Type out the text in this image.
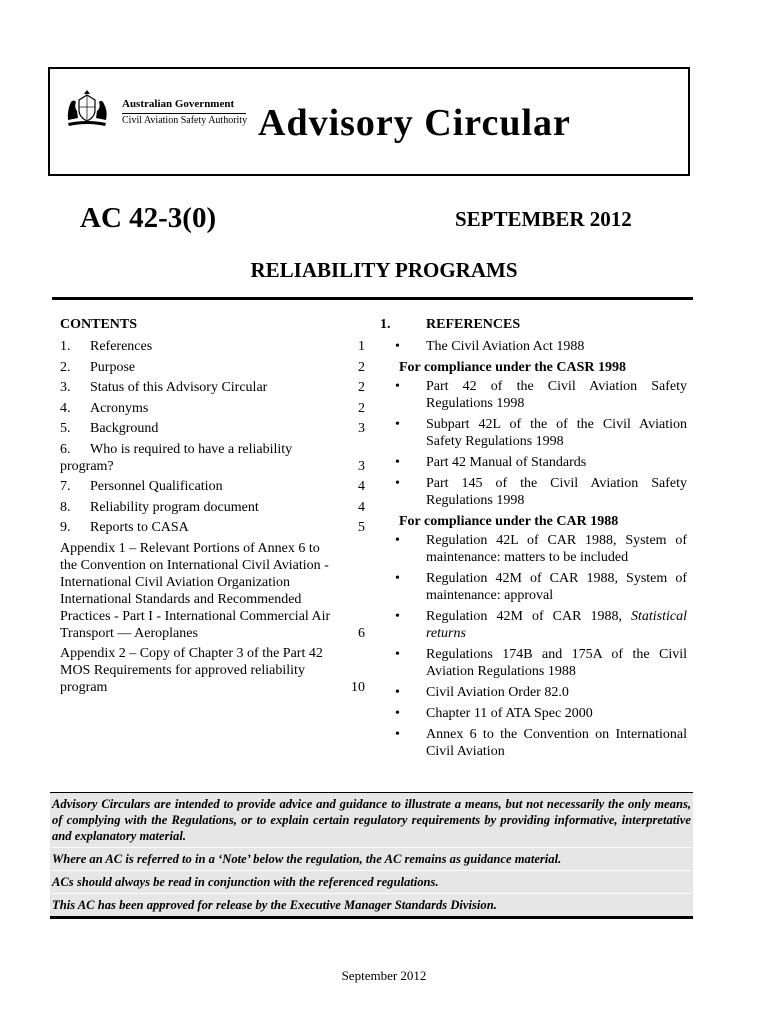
Australian Government
Civil Aviation Safety Authority Advisory Circular
AC 42-3(0)	SEPTEMBER 2012
RELIABILITY PROGRAMS
CONTENTS
1. References	1
2. Purpose	2
3. Status of this Advisory Circular	2
4. Acronyms	2
5. Background	3
6. Who is required to have a reliability program?	3
7. Personnel Qualification	4
8. Reliability program document	4
9. Reports to CASA	5
Appendix 1 – Relevant Portions of Annex 6 to the Convention on International Civil Aviation -International Civil Aviation Organization International Standards and Recommended Practices - Part I - International Commercial Air Transport — Aeroplanes	6
Appendix 2 – Copy of Chapter 3 of the Part 42 MOS Requirements for approved reliability program	10
1.	REFERENCES
• The Civil Aviation Act 1988
For compliance under the CASR 1998
• Part 42 of the Civil Aviation Safety Regulations 1998
• Subpart 42L of the of the Civil Aviation Safety Regulations 1998
• Part 42 Manual of Standards
• Part 145 of the Civil Aviation Safety Regulations 1998
For compliance under the CAR 1988
• Regulation 42L of CAR 1988, System of maintenance: matters to be included
• Regulation 42M of CAR 1988, System of maintenance: approval
• Regulation 42M of CAR 1988, Statistical returns
• Regulations 174B and 175A of the Civil Aviation Regulations 1988
• Civil Aviation Order 82.0
• Chapter 11 of ATA Spec 2000
• Annex 6 to the Convention on International Civil Aviation

Advisory Circulars are intended to provide advice and guidance to illustrate a means, but not necessarily the only means, of complying with the Regulations, or to explain certain regulatory requirements by providing informative, interpretative and explanatory material.

Where an AC is referred to in a ‘Note’ below the regulation, the AC remains as guidance material.

ACs should always be read in conjunction with the referenced regulations.

This AC has been approved for release by the Executive Manager Standards Division.

September 2012
